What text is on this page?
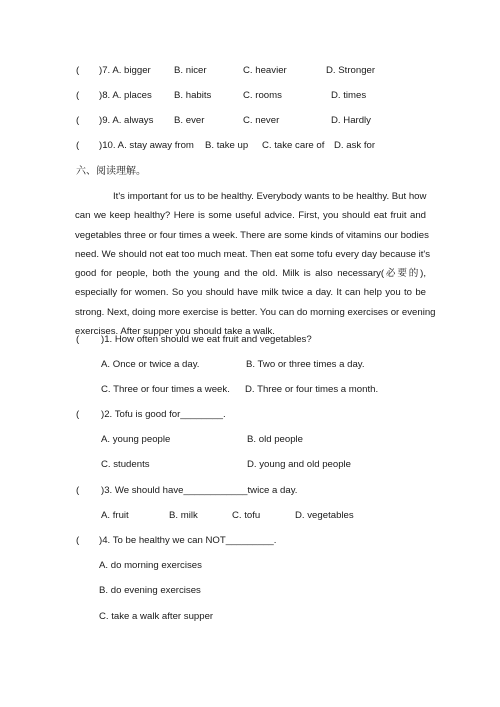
( )7. A. bigger B. nicer	C. heavier	D. Stronger
( )8. A. places B. habits	C. rooms	D. times
( )9. A. always B. ever	C. never	D. Hardly
( )10. A. stay away from B. take up C. take care of D. ask for
六、阅读理解。
It's important for us to be healthy. Everybody wants to be healthy. But how
can we keep healthy? Here is some useful advice. First, you should eat fruit and
vegetables three or four times a week. There are some kinds of vitamins our bodies
need. We should not eat too much meat. Then eat some tofu every day because it's
good for people, both the young and the old. Milk is also necessary(必要的),
especially for women. So you should have milk twice a day. It can help you to be
strong. Next, doing more exercise is better. You can do morning exercises or evening
exercises. After supper you should take a walk.
( )1. How often should we eat fruit and vegetables?
A. Once or twice a day.	B. Two or three times a day.
C. Three or four times a week. D. Three or four times a month.
( )2. Tofu is good for________.
A. young people	B. old people
C. students	D. young and old people
( )3. We should have____________twice a day.
A. fruit	B. milk	C. tofu	D. vegetables
( )4. To be healthy we can NOT_________.
A. do morning exercises
B. do evening exercises
C. take a walk after supper
